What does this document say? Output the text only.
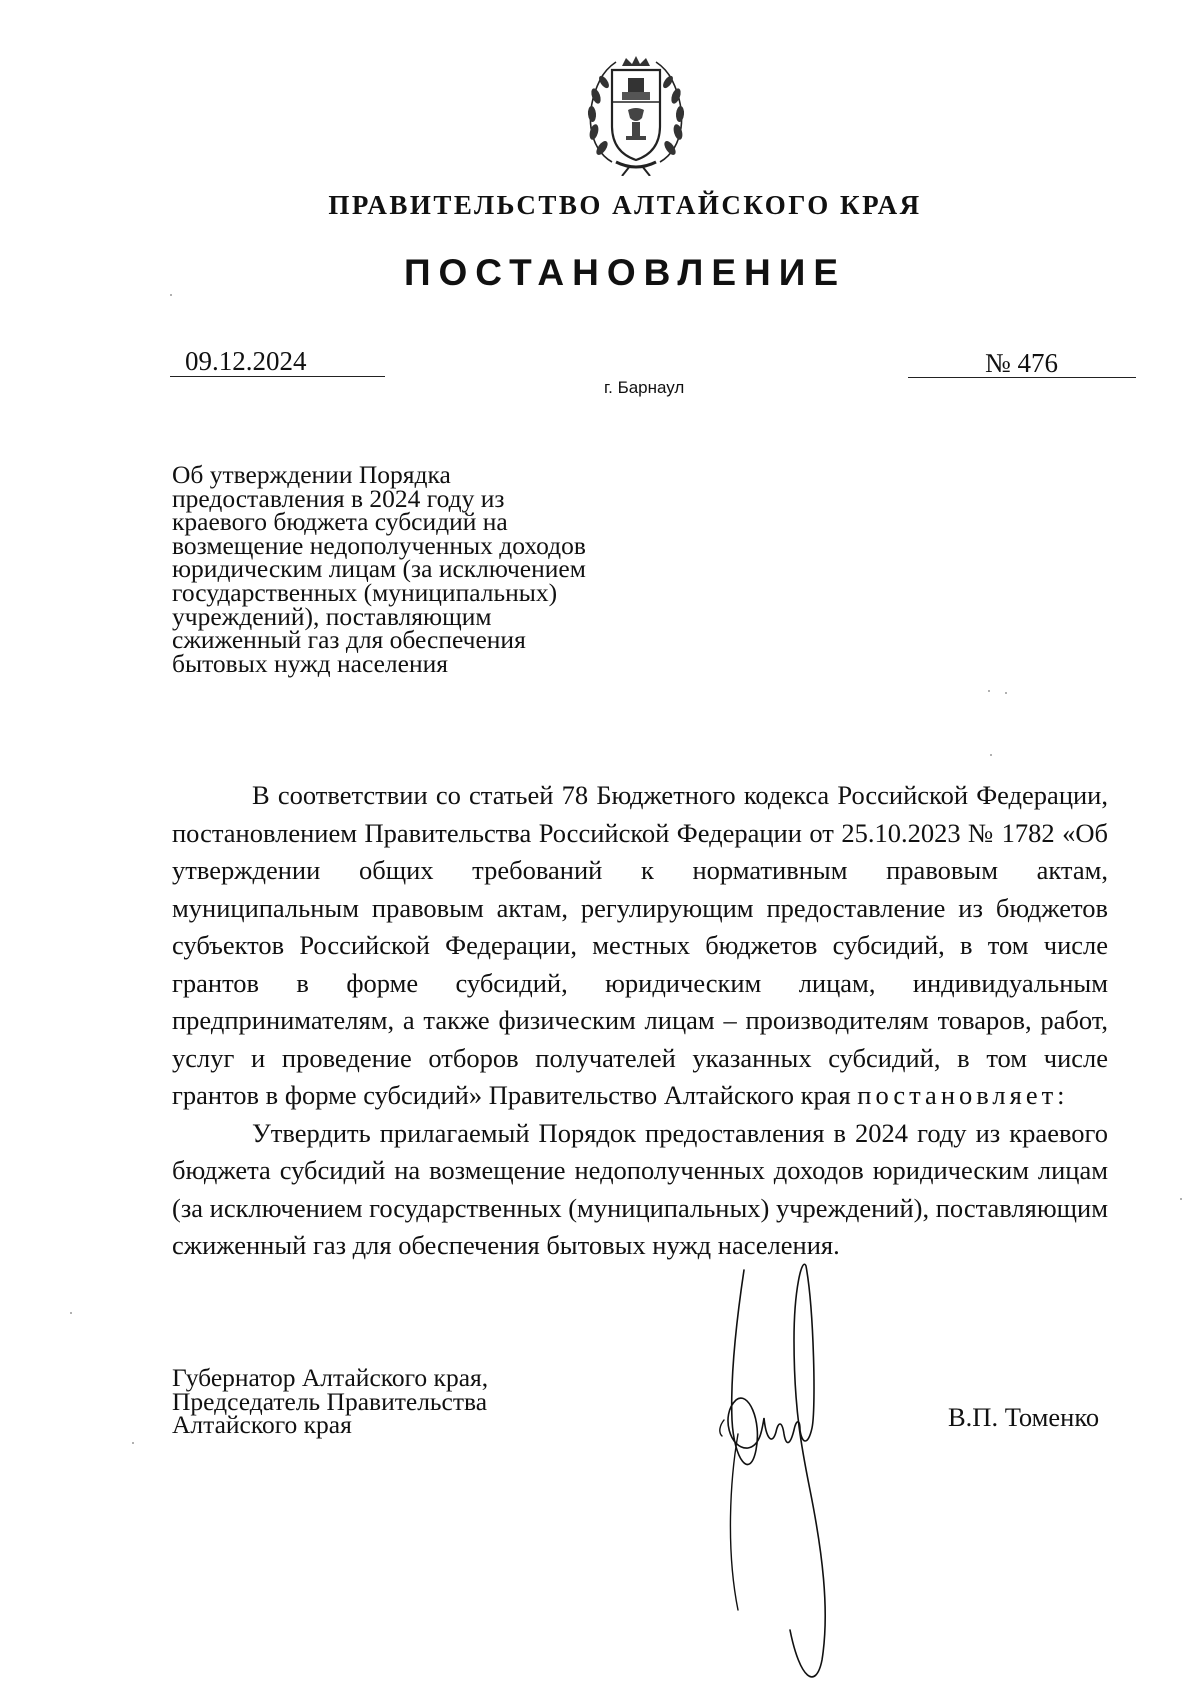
ПРАВИТЕЛЬСТВО АЛТАЙСКОГО КРАЯ
ПОСТАНОВЛЕНИЕ
09.12.2024	№ 476
г. Барнаул
Об утверждении Порядка
предоставления в 2024 году из
краевого бюджета субсидий на
возмещение недополученных доходов
юридическим лицам (за исключением
государственных (муниципальных)
учреждений), поставляющим
сжиженный газ для обеспечения
бытовых нужд населения

В соответствии со статьей 78 Бюджетного кодекса Российской Федерации, постановлением Правительства Российской Федерации от 25.10.2023 № 1782 «Об утверждении общих требований к нормативным правовым актам, муниципальным правовым актам, регулирующим предоставление из бюджетов субъектов Российской Федерации, местных бюджетов субсидий, в том числе грантов в форме субсидий, юридическим лицам, индивидуальным предпринимателям, а также физическим лицам – производителям товаров, работ, услуг и проведение отборов получателей указанных субсидий, в том числе грантов в форме субсидий» Правительство Алтайского края постановляет:

Утвердить прилагаемый Порядок предоставления в 2024 году из краевого бюджета субсидий на возмещение недополученных доходов юридическим лицам (за исключением государственных (муниципальных) учреждений), поставляющим сжиженный газ для обеспечения бытовых нужд населения.

Губернатор Алтайского края,
Председатель Правительства
Алтайского края	В.П. Томенко
